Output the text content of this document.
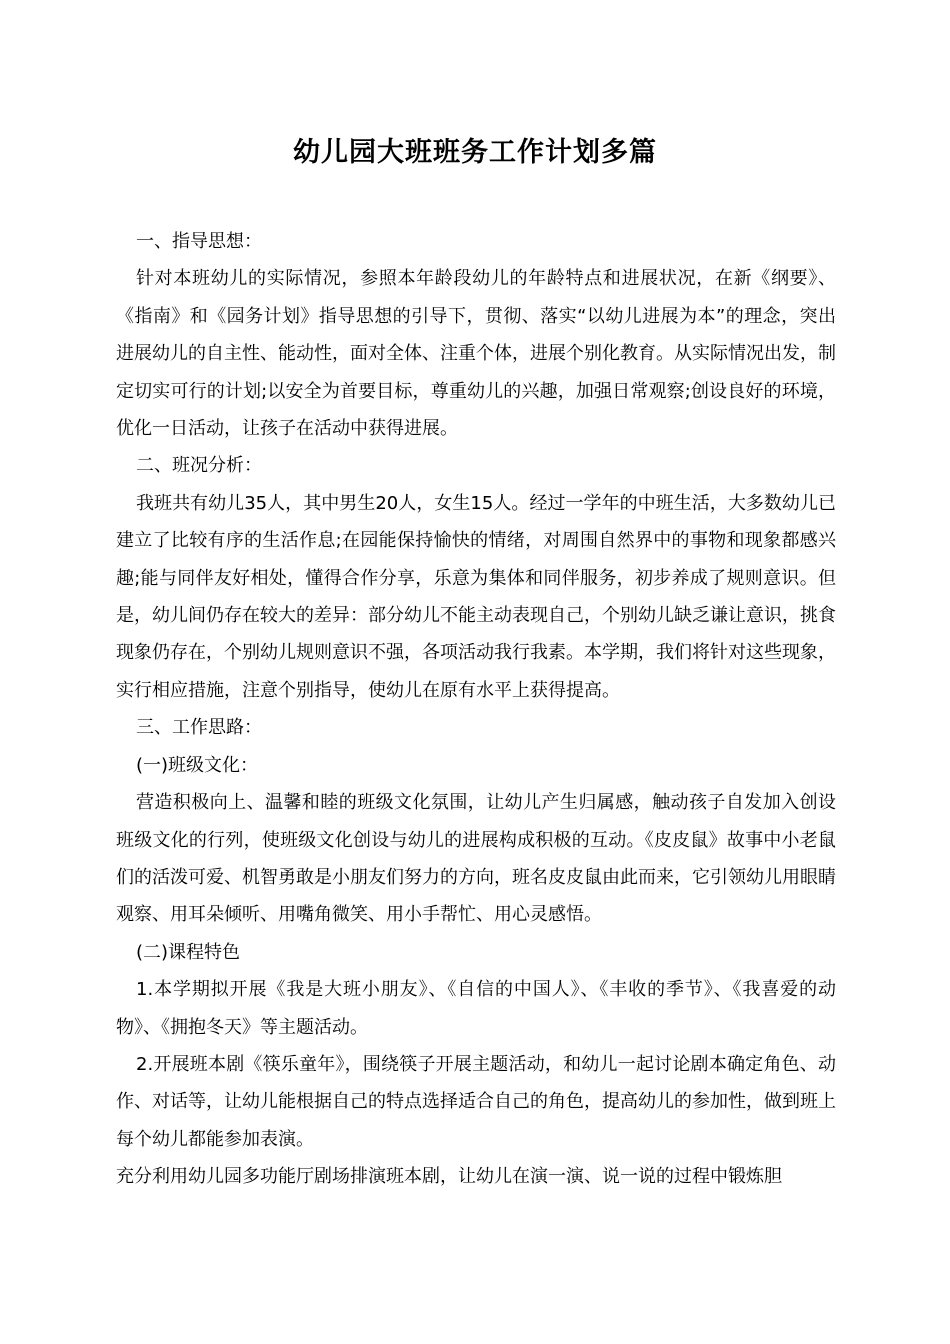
幼儿园大班班务工作计划多篇

一、指导思想：

针对本班幼儿的实际情况，参照本年龄段幼儿的年龄特点和进展状况，在新《纲要》、《指南》和《园务计划》指导思想的引导下，贯彻、落实“以幼儿进展为本”的理念，突出进展幼儿的自主性、能动性，面对全体、注重个体，进展个别化教育。从实际情况出发，制定切实可行的计划;以安全为首要目标，尊重幼儿的兴趣，加强日常观察;创设良好的环境，优化一日活动，让孩子在活动中获得进展。

二、班况分析：

我班共有幼儿35人，其中男生20人，女生15人。经过一学年的中班生活，大多数幼儿已建立了比较有序的生活作息;在园能保持愉快的情绪，对周围自然界中的事物和现象都感兴趣;能与同伴友好相处，懂得合作分享，乐意为集体和同伴服务，初步养成了规则意识。但是，幼儿间仍存在较大的差异：部分幼儿不能主动表现自己，个别幼儿缺乏谦让意识，挑食现象仍存在，个别幼儿规则意识不强，各项活动我行我素。本学期，我们将针对这些现象，实行相应措施，注意个别指导，使幼儿在原有水平上获得提高。

三、工作思路：

(一)班级文化：

营造积极向上、温馨和睦的班级文化氛围，让幼儿产生归属感，触动孩子自发加入创设班级文化的行列，使班级文化创设与幼儿的进展构成积极的互动。《皮皮鼠》故事中小老鼠们的活泼可爱、机智勇敢是小朋友们努力的方向，班名皮皮鼠由此而来，它引领幼儿用眼睛观察、用耳朵倾听、用嘴角微笑、用小手帮忙、用心灵感悟。

(二)课程特色

1.本学期拟开展《我是大班小朋友》、《自信的中国人》、《丰收的季节》、《我喜爱的动物》、《拥抱冬天》等主题活动。

2.开展班本剧《筷乐童年》，围绕筷子开展主题活动，和幼儿一起讨论剧本确定角色、动作、对话等，让幼儿能根据自己的特点选择适合自己的角色，提高幼儿的参加性，做到班上每个幼儿都能参加表演。

充分利用幼儿园多功能厅剧场排演班本剧，让幼儿在演一演、说一说的过程中锻炼胆
